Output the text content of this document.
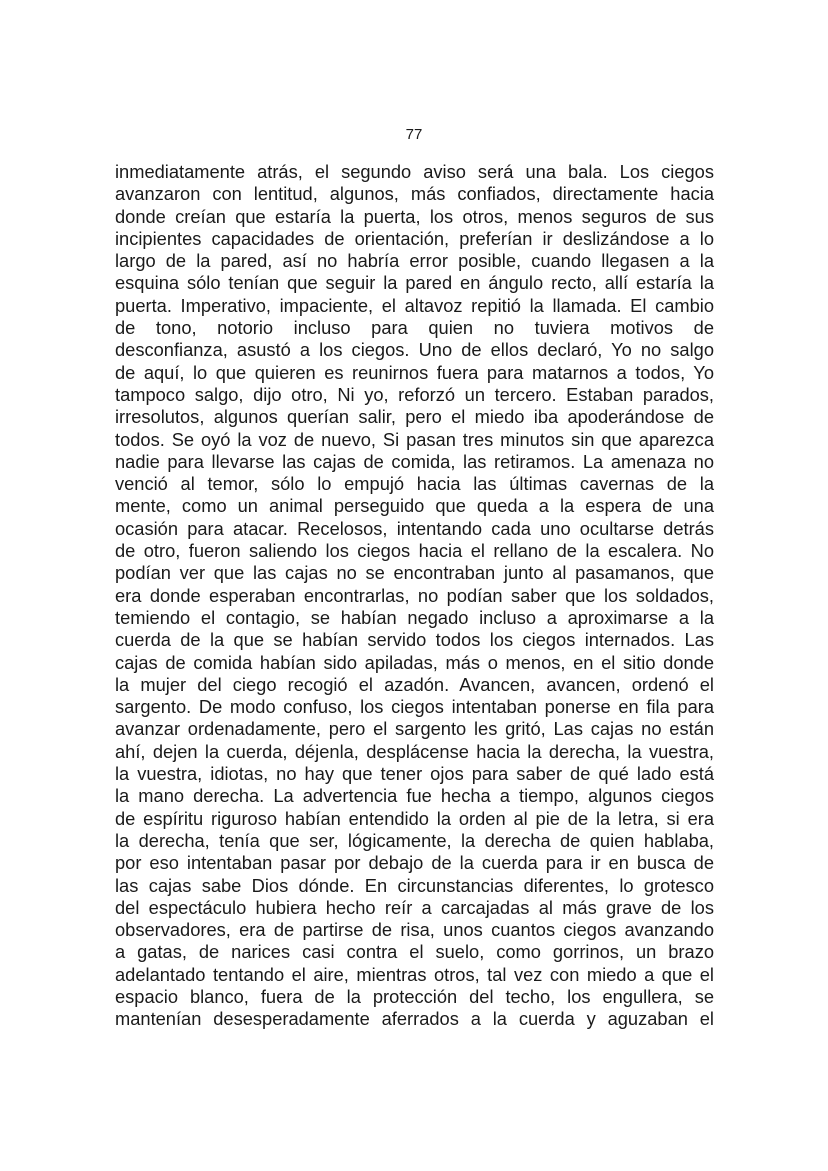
77
inmediatamente atrás, el segundo aviso será una bala. Los ciegos
avanzaron con lentitud, algunos, más confiados, directamente hacia
donde creían que estaría la puerta, los otros, menos seguros de sus
incipientes capacidades de orientación, preferían ir deslizándose a lo
largo de la pared, así no habría error posible, cuando llegasen a la
esquina sólo tenían que seguir la pared en ángulo recto, allí estaría la
puerta. Imperativo, impaciente, el altavoz repitió la llamada. El cambio
de tono, notorio incluso para quien no tuviera motivos de
desconfianza, asustó a los ciegos. Uno de ellos declaró, Yo no salgo
de aquí, lo que quieren es reunirnos fuera para matarnos a todos, Yo
tampoco salgo, dijo otro, Ni yo, reforzó un tercero. Estaban parados,
irresolutos, algunos querían salir, pero el miedo iba apoderándose de
todos. Se oyó la voz de nuevo, Si pasan tres minutos sin que aparezca
nadie para llevarse las cajas de comida, las retiramos. La amenaza no
venció al temor, sólo lo empujó hacia las últimas cavernas de la
mente, como un animal perseguido que queda a la espera de una
ocasión para atacar. Recelosos, intentando cada uno ocultarse detrás
de otro, fueron saliendo los ciegos hacia el rellano de la escalera. No
podían ver que las cajas no se encontraban junto al pasamanos, que
era donde esperaban encontrarlas, no podían saber que los soldados,
temiendo el contagio, se habían negado incluso a aproximarse a la
cuerda de la que se habían servido todos los ciegos internados. Las
cajas de comida habían sido apiladas, más o menos, en el sitio donde
la mujer del ciego recogió el azadón. Avancen, avancen, ordenó el
sargento. De modo confuso, los ciegos intentaban ponerse en fila para
avanzar ordenadamente, pero el sargento les gritó, Las cajas no están
ahí, dejen la cuerda, déjenla, desplácense hacia la derecha, la vuestra,
la vuestra, idiotas, no hay que tener ojos para saber de qué lado está
la mano derecha. La advertencia fue hecha a tiempo, algunos ciegos
de espíritu riguroso habían entendido la orden al pie de la letra, si era
la derecha, tenía que ser, lógicamente, la derecha de quien hablaba,
por eso intentaban pasar por debajo de la cuerda para ir en busca de
las cajas sabe Dios dónde. En circunstancias diferentes, lo grotesco
del espectáculo hubiera hecho reír a carcajadas al más grave de los
observadores, era de partirse de risa, unos cuantos ciegos avanzando
a gatas, de narices casi contra el suelo, como gorrinos, un brazo
adelantado tentando el aire, mientras otros, tal vez con miedo a que el
espacio blanco, fuera de la protección del techo, los engullera, se
mantenían desesperadamente aferrados a la cuerda y aguzaban el
